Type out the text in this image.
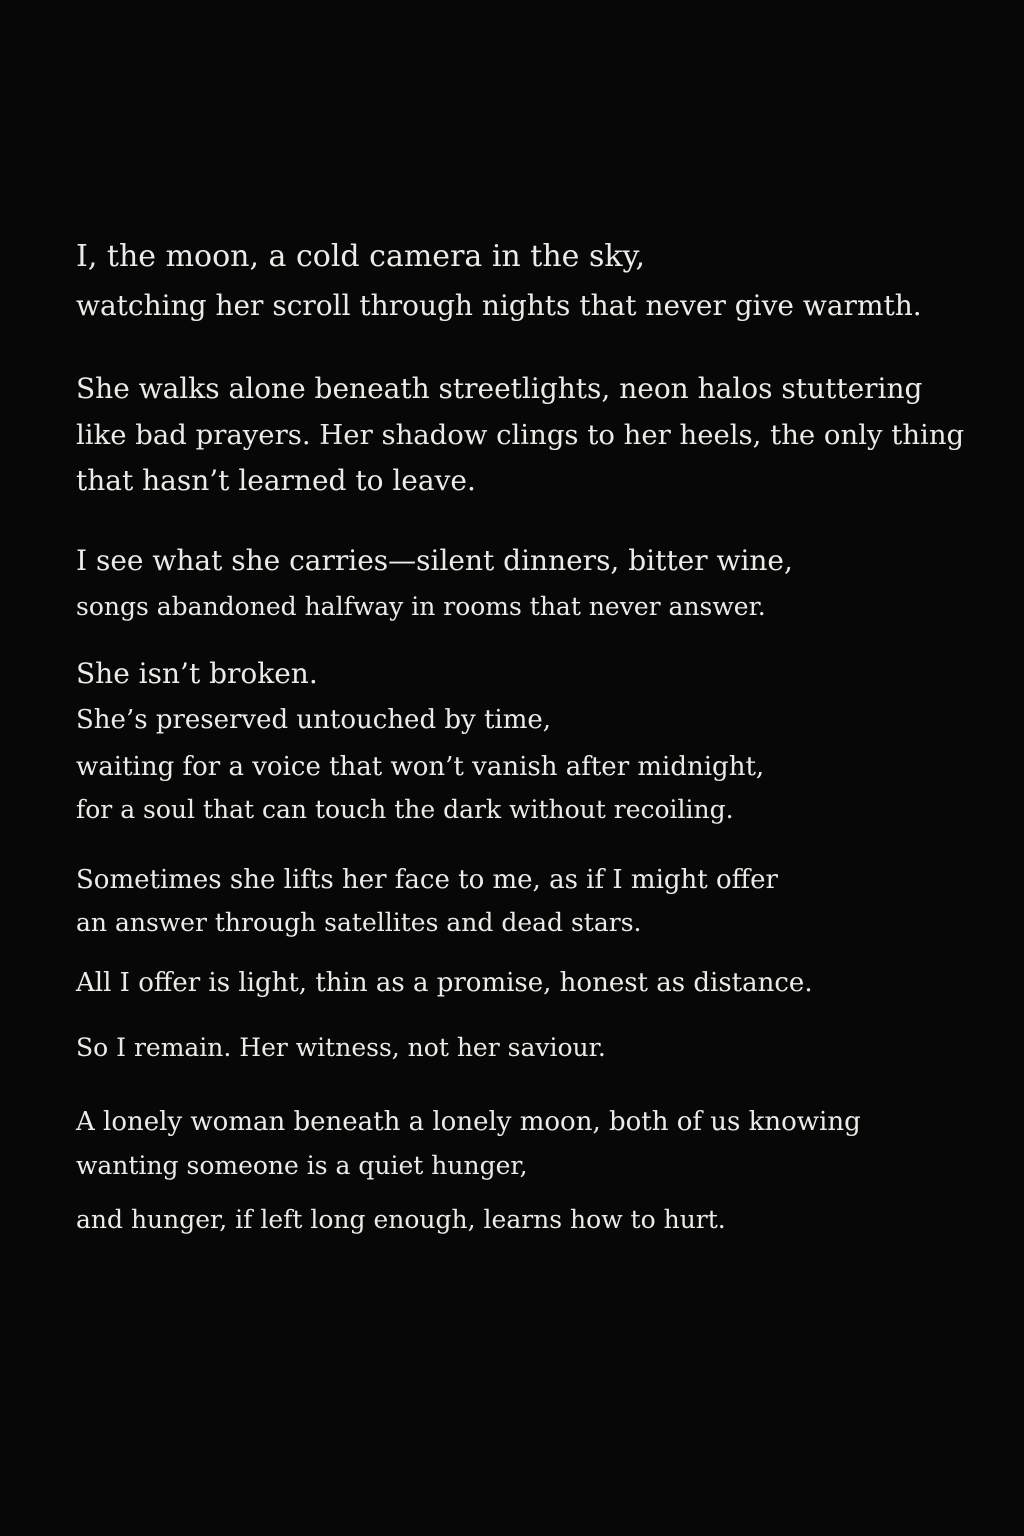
I, the moon, a cold camera in the sky,
watching her scroll through nights that never give warmth.
She walks alone beneath streetlights, neon halos stuttering
like bad prayers. Her shadow clings to her heels, the only thing
that hasn’t learned to leave.
I see what she carries—silent dinners, bitter wine,
songs abandoned halfway in rooms that never answer.
She isn’t broken.
She’s preserved untouched by time,
waiting for a voice that won’t vanish after midnight,
for a soul that can touch the dark without recoiling.
Sometimes she lifts her face to me, as if I might offer
an answer through satellites and dead stars.
All I offer is light, thin as a promise, honest as distance.
So I remain. Her witness, not her saviour.
A lonely woman beneath a lonely moon, both of us knowing
wanting someone is a quiet hunger,
and hunger, if left long enough, learns how to hurt.
